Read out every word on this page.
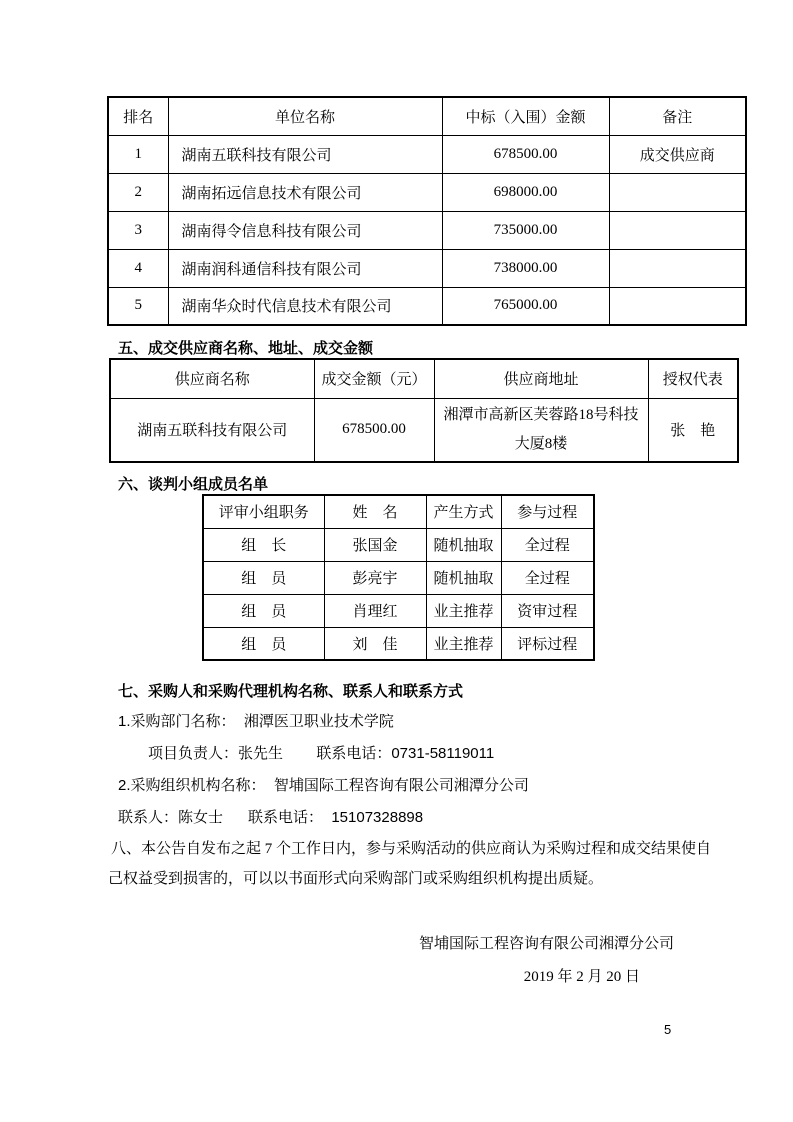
排名	单位名称	中标（入围）金额	备注
1	湖南五联科技有限公司	678500.00	成交供应商
2	湖南拓远信息技术有限公司	698000.00	
3	湖南得令信息科技有限公司	735000.00	
4	湖南润科通信科技有限公司	738000.00	
5	湖南华众时代信息技术有限公司	765000.00	
五、成交供应商名称、地址、成交金额
供应商名称	成交金额（元）	供应商地址	授权代表
湖南五联科技有限公司	678500.00	湘潭市高新区芙蓉路18号科技大厦8楼	张　艳
六、谈判小组成员名单
评审小组职务	姓　名	产生方式	参与过程
组　长	张国金	随机抽取	全过程
组　员	彭亮宇	随机抽取	全过程
组　员	肖理红	业主推荐	资审过程
组　员	刘　佳	业主推荐	评标过程
七、采购人和采购代理机构名称、联系人和联系方式

1.采购部门名称：  湘潭医卫职业技术学院

项目负责人：张先生        联系电话：0731-58119011

2.采购组织机构名称：  智埔国际工程咨询有限公司湘潭分公司

联系人：陈女士      联系电话：  15107328898

八、本公告自发布之起 7 个工作日内，参与采购活动的供应商认为采购过程和成交结果使自

己权益受到损害的，可以以书面形式向采购部门或采购组织机构提出质疑。

智埔国际工程咨询有限公司湘潭分公司
2019 年 2 月 20 日
5
